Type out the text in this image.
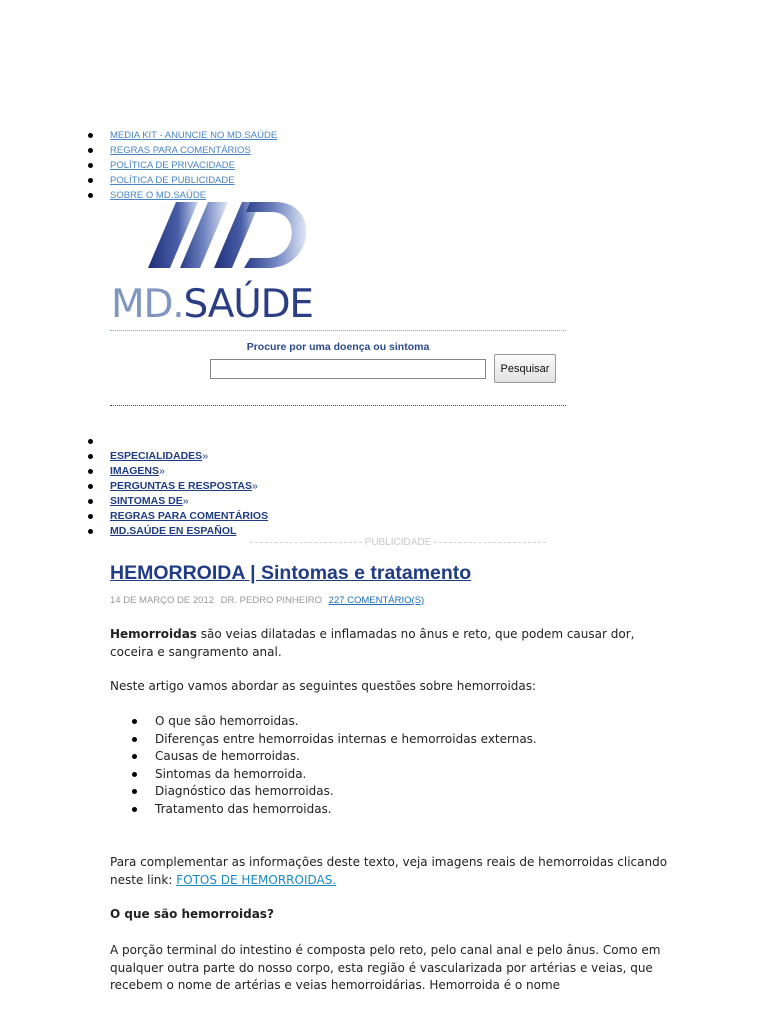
MEDIA KIT - ANUNCIE NO MD.SAÚDE
REGRAS PARA COMENTÁRIOS
POLÍTICA DE PRIVACIDADE
POLÍTICA DE PUBLICIDADE
SOBRE O MD.SAÚDE
MD.SAÚDE
Procure por uma doença ou sintoma
Pesquisar
ESPECIALIDADES»
IMAGENS»
PERGUNTAS E RESPOSTAS»
SINTOMAS DE»
REGRAS PARA COMENTÁRIOS
MD.SAÚDE EN ESPAÑOL
PUBLICIDADE
HEMORROIDA | Sintomas e tratamento
14 DE MARÇO DE 2012 DR. PEDRO PINHEIRO 227 COMENTÁRIO(S)

Hemorroidas são veias dilatadas e inflamadas no ânus e reto, que podem causar dor, coceira e sangramento anal.

Neste artigo vamos abordar as seguintes questões sobre hemorroidas:

O que são hemorroidas.
Diferenças entre hemorroidas internas e hemorroidas externas.
Causas de hemorroidas.
Sintomas da hemorroida.
Diagnóstico das hemorroidas.
Tratamento das hemorroidas.

Para complementar as informações deste texto, veja imagens reais de hemorroidas clicando neste link: FOTOS DE HEMORROIDAS.

O que são hemorroidas?

A porção terminal do intestino é composta pelo reto, pelo canal anal e pelo ânus. Como em qualquer outra parte do nosso corpo, esta região é vascularizada por artérias e veias, que recebem o nome de artérias e veias hemorroidárias. Hemorroida é o nome
